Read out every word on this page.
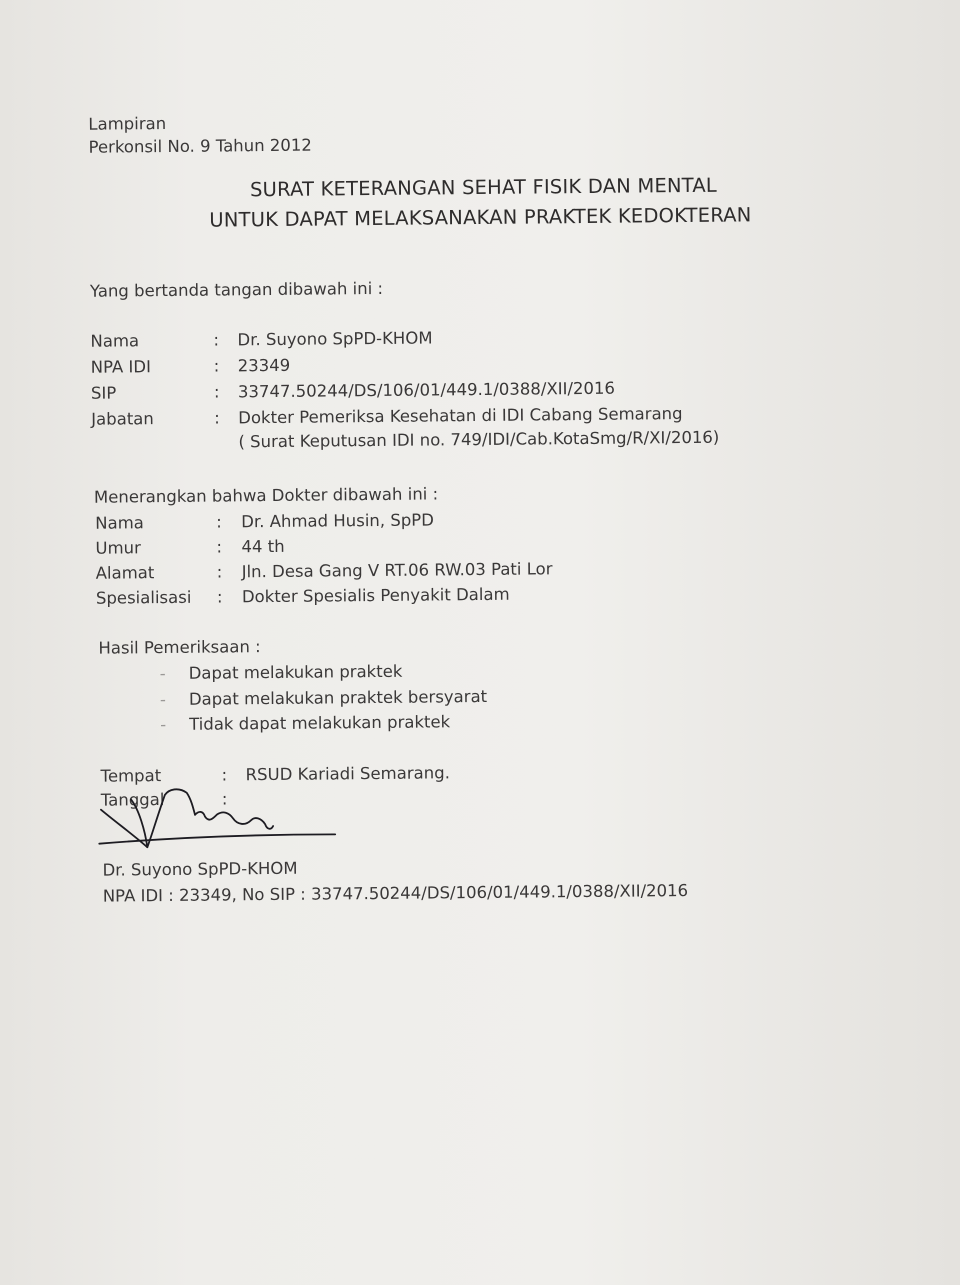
Lampiran
Perkonsil No. 9 Tahun 2012
SURAT KETERANGAN SEHAT FISIK DAN MENTAL
UNTUK DAPAT MELAKSANAKAN PRAKTEK KEDOKTERAN
Yang bertanda tangan dibawah ini :
Nama	: Dr. Suyono SpPD-KHOM
NPA IDI	: 23349
SIP	: 33747.50244/DS/106/01/449.1/0388/XII/2016
Jabatan	: Dokter Pemeriksa Kesehatan di IDI Cabang Semarang
( Surat Keputusan IDI no. 749/IDI/Cab.KotaSmg/R/XI/2016)
Menerangkan bahwa Dokter dibawah ini :
Nama	: Dr. Ahmad Husin, SpPD
Umur	: 44 th
Alamat	: Jln. Desa Gang V RT.06 RW.03 Pati Lor
Spesialisasi : Dokter Spesialis Penyakit Dalam
Hasil Pemeriksaan :
- Dapat melakukan praktek
- Dapat melakukan praktek bersyarat
- Tidak dapat melakukan praktek
Tempat	: RSUD Kariadi Semarang.
Tanggal	:
Dr. Suyono SpPD-KHOM
NPA IDI : 23349, No SIP : 33747.50244/DS/106/01/449.1/0388/XII/2016
